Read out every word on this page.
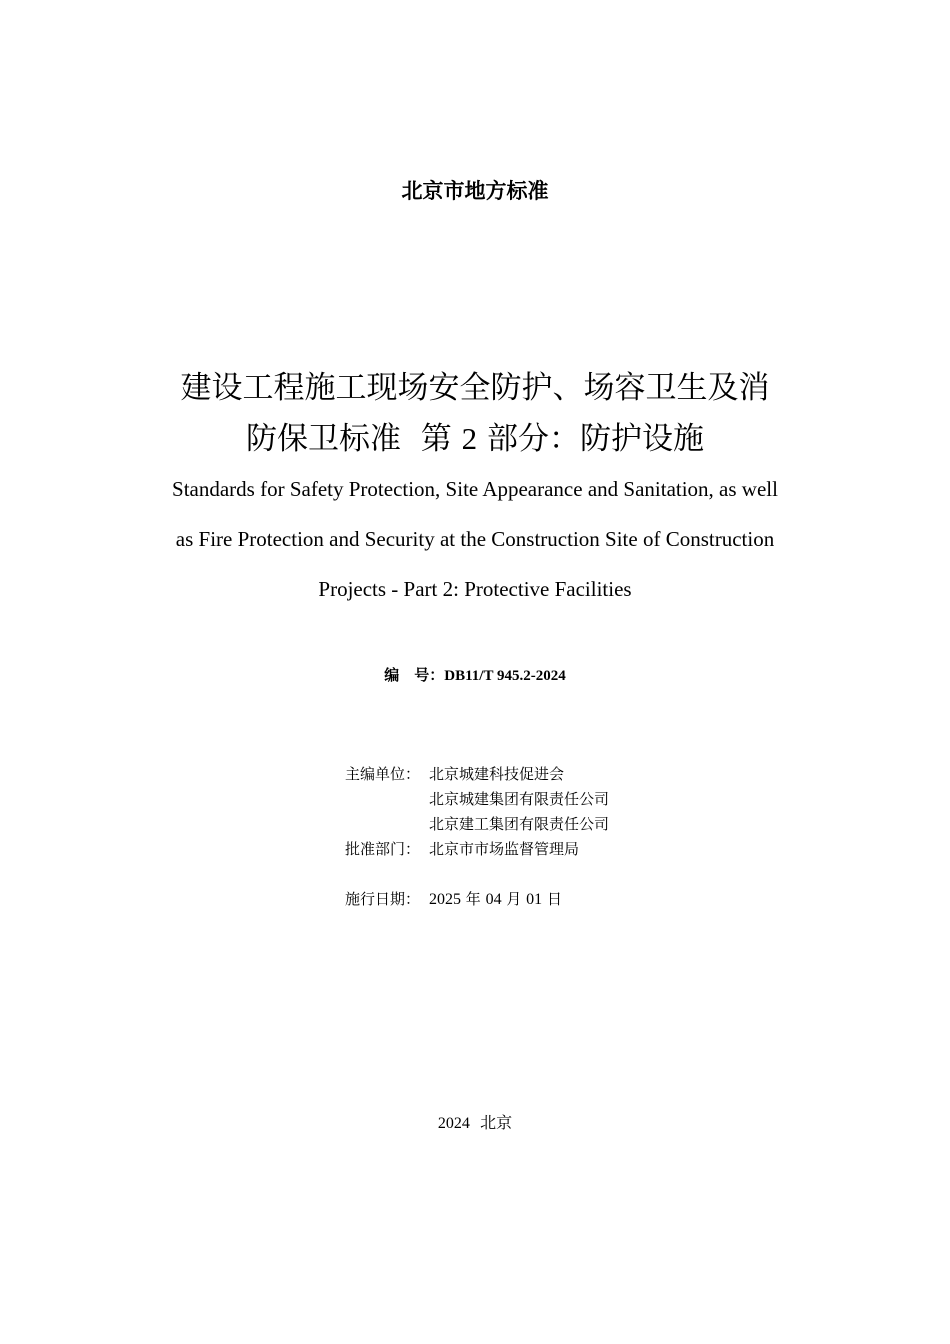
北京市地方标准
建设工程施工现场安全防护、场容卫生及消
防保卫标准 第 2 部分：防护设施
Standards for Safety Protection, Site Appearance and Sanitation, as well
as Fire Protection and Security at the Construction Site of Construction
Projects - Part 2: Protective Facilities
编　号：DB11/T 945.2-2024
主编单位： 北京城建科技促进会
北京城建集团有限责任公司
北京建工集团有限责任公司
批准部门： 北京市市场监督管理局
施行日期： 2025 年 04 月 01 日
2024 北京
